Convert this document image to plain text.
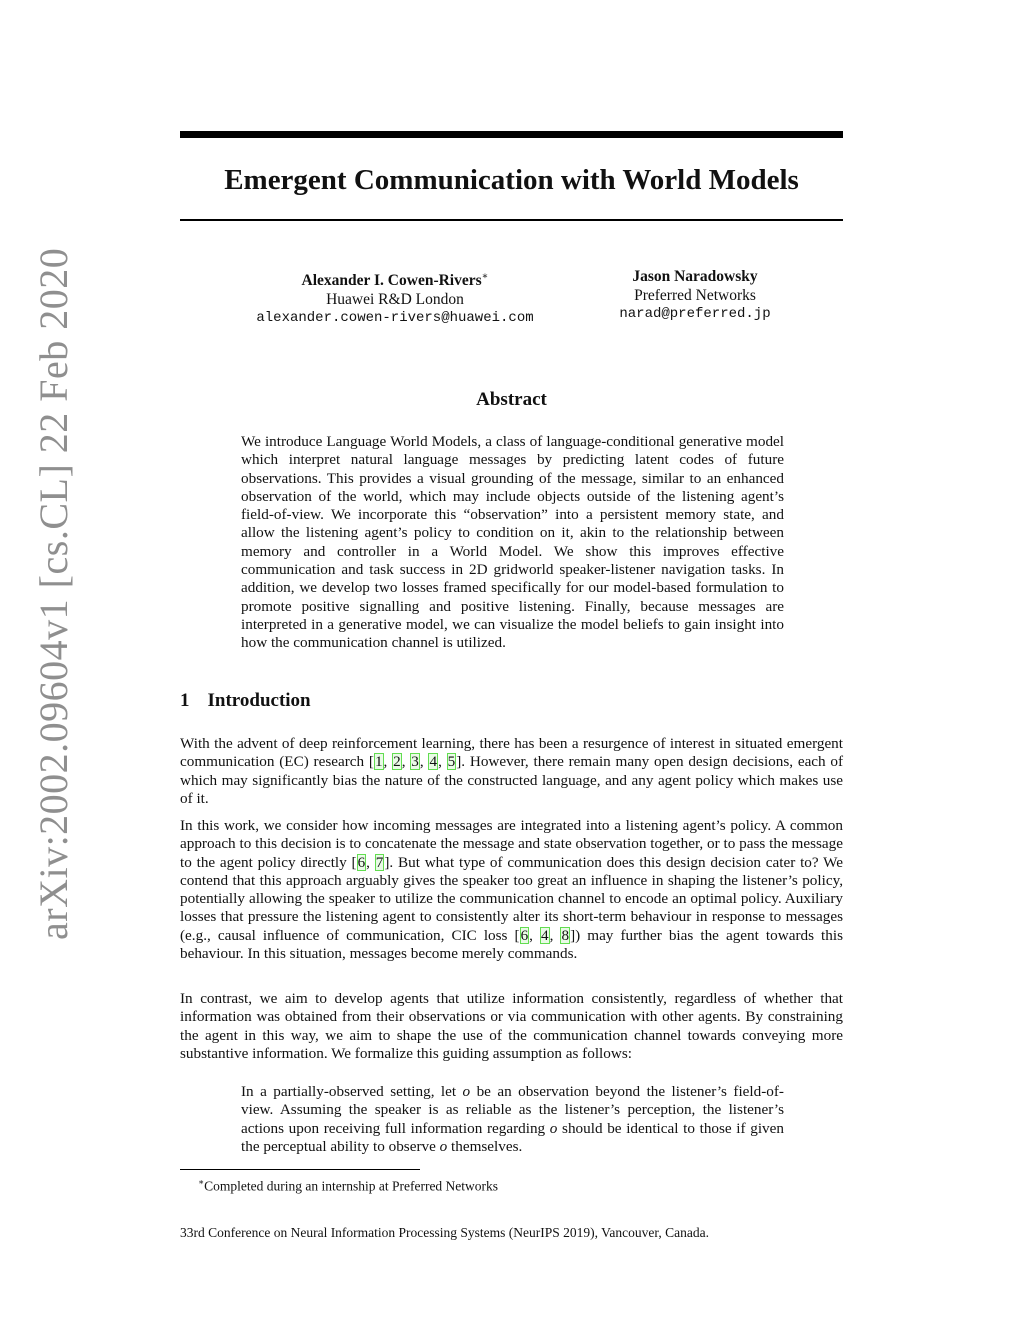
arXiv:2002.09604v1 [cs.CL] 22 Feb 2020
Emergent Communication with World Models
Alexander I. Cowen-Rivers∗
Huawei R&D London
alexander.cowen-rivers@huawei.com
Jason Naradowsky
Preferred Networks
narad@preferred.jp
Abstract

We introduce Language World Models, a class of language-conditional generative model which interpret natural language messages by predicting latent codes of future observations. This provides a visual grounding of the message, similar to an enhanced observation of the world, which may include objects outside of the listening agent’s field-of-view. We incorporate this “observation” into a persistent memory state, and allow the listening agent’s policy to condition on it, akin to the relationship between memory and controller in a World Model. We show this improves effective communication and task success in 2D gridworld speaker-listener navigation tasks. In addition, we develop two losses framed specifically for our model-based formulation to promote positive signalling and positive listening. Finally, because messages are interpreted in a generative model, we can visualize the model beliefs to gain insight into how the communication channel is utilized.

1 Introduction

With the advent of deep reinforcement learning, there has been a resurgence of interest in situated emergent communication (EC) research [1, 2, 3, 4, 5]. However, there remain many open design decisions, each of which may significantly bias the nature of the constructed language, and any agent policy which makes use of it.

In this work, we consider how incoming messages are integrated into a listening agent’s policy. A common approach to this decision is to concatenate the message and state observation together, or to pass the message to the agent policy directly [6, 7]. But what type of communication does this design decision cater to? We contend that this approach arguably gives the speaker too great an influence in shaping the listener’s policy, potentially allowing the speaker to utilize the communication channel to encode an optimal policy. Auxiliary losses that pressure the listening agent to consistently alter its short-term behaviour in response to messages (e.g., causal influence of communication, CIC loss [6, 4, 8]) may further bias the agent towards this behaviour. In this situation, messages become merely commands.

In contrast, we aim to develop agents that utilize information consistently, regardless of whether that information was obtained from their observations or via communication with other agents. By constraining the agent in this way, we aim to shape the use of the communication channel towards conveying more substantive information. We formalize this guiding assumption as follows:

In a partially-observed setting, let o be an observation beyond the listener’s field-of-view. Assuming the speaker is as reliable as the listener’s perception, the listener’s actions upon receiving full information regarding o should be identical to those if given the perceptual ability to observe o themselves.

∗Completed during an internship at Preferred Networks
33rd Conference on Neural Information Processing Systems (NeurIPS 2019), Vancouver, Canada.
